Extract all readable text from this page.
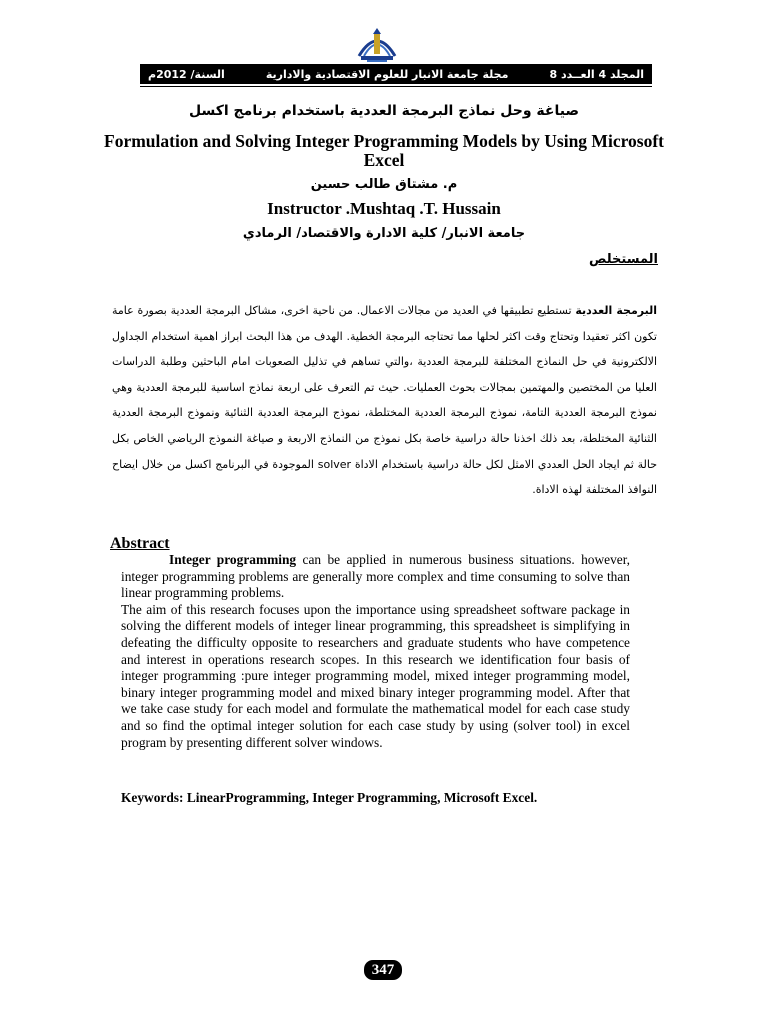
المجلد 4 العــدد 8
مجلة جامعة الانبار للعلوم الاقتصادية والادارية
السنة/ 2012م
صياغة وحل نماذج البرمجة العددية باستخدام برنامج اكسل
Formulation and Solving Integer Programming Models by Using Microsoft Excel
م. مشتاق طالب حسين
Instructor .Mushtaq .T. Hussain
جامعة الانبار/ كلية الادارة والاقتصاد/ الرمادي
المستخلص
البرمجة العددية تستطيع تطبيقها في العديد من مجالات الاعمال. من ناحية اخرى، مشاكل البرمجة العددية بصورة عامة تكون اكثر تعقيدا وتحتاج وقت اكثر لحلها مما تحتاجه البرمجة الخطية. الهدف من هذا البحث ابراز اهمية استخدام الجداول الالكترونية في حل النماذج المختلفة للبرمجة العددية ،والتي تساهم في تذليل الصعوبات امام الباحثين وطلبة الدراسات العليا من المختصين والمهتمين بمجالات بحوث العمليات. حيث تم التعرف على اربعة نماذج اساسية للبرمجة العددية وهي نموذج البرمجة العددية التامة، نموذج البرمجة العددية المختلطة، نموذج البرمجة العددية الثنائية ونموذج البرمجة العددية الثنائية المختلطة، بعد ذلك اخذنا حالة دراسية خاصة بكل نموذج من النماذج الاربعة و صياغة النموذج الرياضي الخاص بكل حالة ثم ايجاد الحل العددي الامثل لكل حالة دراسية باستخدام الاداة solver الموجودة في البرنامج اكسل من خلال ايضاح النوافذ المختلفة لهذه الاداة.
Abstract

Integer programming can be applied in numerous business situations. however, integer programming problems are generally more complex and time consuming to solve than linear programming problems.

The aim of this research focuses upon the importance using spreadsheet software package in solving the different models of integer linear programming, this spreadsheet is simplifying in defeating the difficulty opposite to researchers and graduate students who have competence and interest in operations research scopes. In this research we identification four basis of integer programming :pure integer programming model, mixed integer programming model, binary integer programming model and mixed binary integer programming model. After that we take case study for each model and formulate the mathematical model for each case study and so find the optimal integer solution for each case study by using (solver tool) in excel program by presenting different solver windows.

Keywords: LinearProgramming, Integer Programming, Microsoft Excel.
347
